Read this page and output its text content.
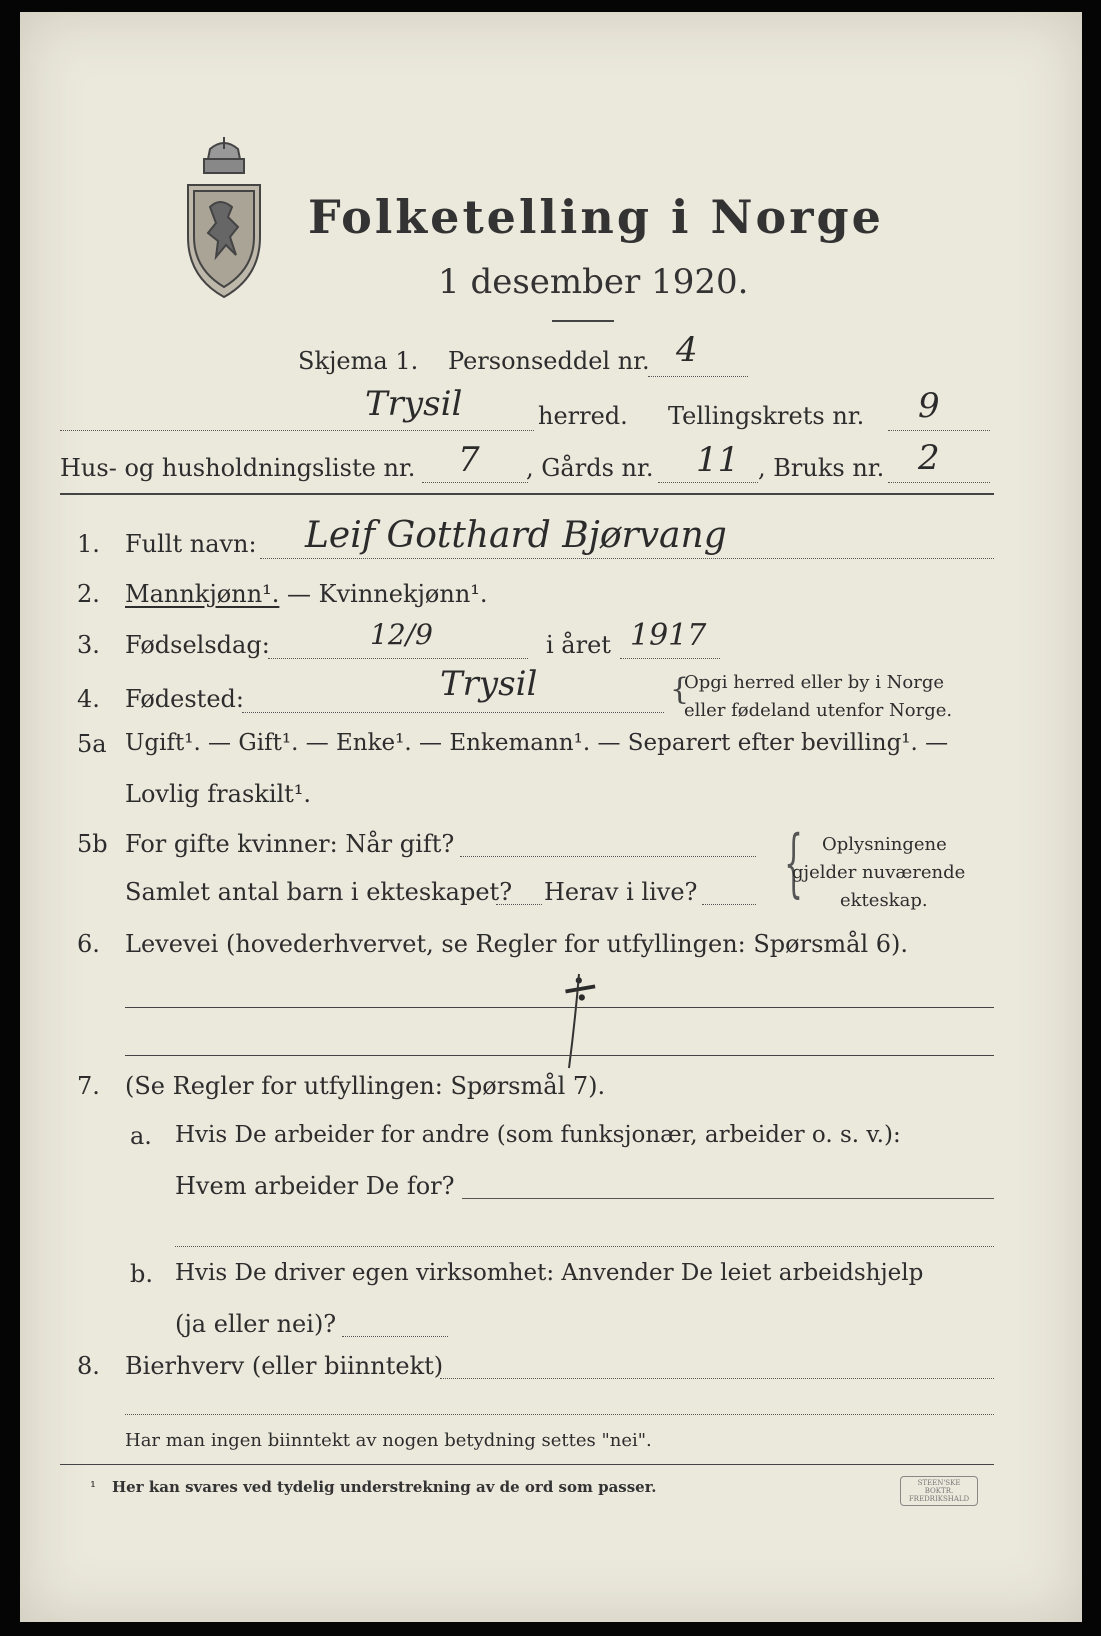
Folketelling i Norge
1 desember 1920.
Skjema 1. Personseddel nr. 4
Trysil	herred. Tellingskrets nr. 9
Hus- og husholdningsliste nr. 7 , Gårds nr. 11 , Bruks nr. 2
1. Fullt navn: Leif Gotthard Bjørvang
2. Mannkjønn¹. — Kvinnekjønn¹.
3. Fødselsdag:	12/9	i året 1917
4. Fødested:	Trysil	{
Opgi herred eller by i Norge
eller fødeland utenfor Norge.
5a Ugift¹. — Gift¹. — Enke¹. — Enkemann¹. — Separert efter bevilling¹. —
Lovlig fraskilt¹.
5b For gifte kvinner: Når gift?
Samlet antal barn i ekteskapet? Herav i live? { Oplysningene
gjelder nuværende
ekteskap.
6. Levevei (hovederhvervet, se Regler for utfyllingen: Spørsmål 6).
÷
7. (Se Regler for utfyllingen: Spørsmål 7).
a. Hvis De arbeider for andre (som funksjonær, arbeider o. s. v.):
Hvem arbeider De for?
b. Hvis De driver egen virksomhet: Anvender De leiet arbeidshjelp
(ja eller nei)?
8. Bierhverv (eller biinntekt)
Har man ingen biinntekt av nogen betydning settes "nei".
¹ Her kan svares ved tydelig understrekning av de ord som passer.	STEEN'SKE BOKTR. FREDRIKSHALD
